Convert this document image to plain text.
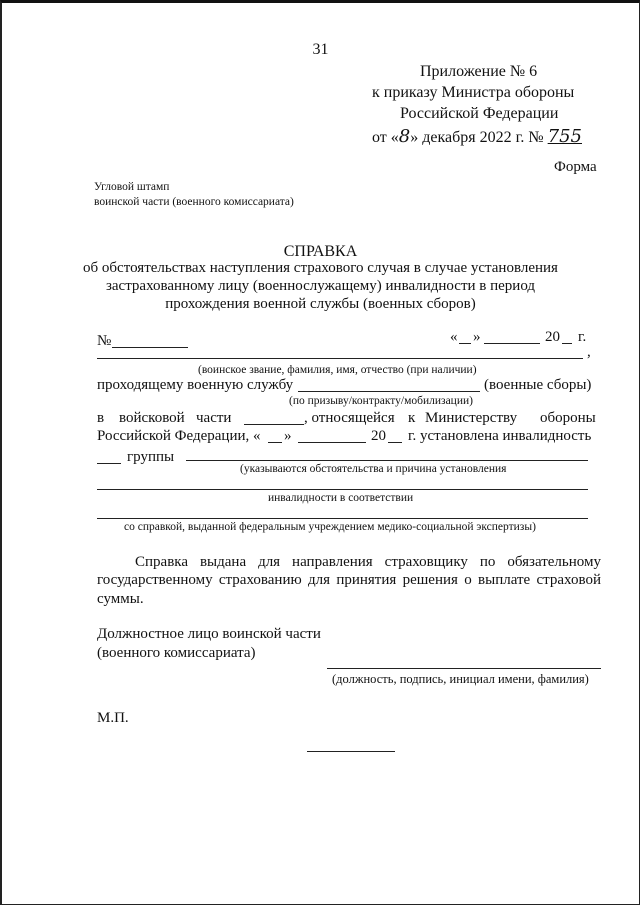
31
Приложение № 6
к приказу Министра обороны
Российской Федерации
от «8» декабря 2022 г. № 755
Форма
Угловой штамп
воинской части (военного комиссариата)
СПРАВКА
об обстоятельствах наступления страхового случая в случае установления
застрахованному лицу (военнослужащему) инвалидности в период
прохождения военной службы (военных сборов)
№	« »	20 г.
,
(воинское звание, фамилия, имя, отчество (при наличии)
проходящему военную службу	(военные сборы)
(по призыву/контракту/мобилизации)
в войсковой части	, относящейся к Министерству обороны
Российской Федерации, « »	20 г. установлена инвалидность
группы
(указываются обстоятельства и причина установления
инвалидности в соответствии
со справкой, выданной федеральным учреждением медико-социальной экспертизы)
Справка выдана для направления страховщику по обязательному
государственному страхованию для принятия решения о выплате страховой
суммы.
Должностное лицо воинской части
(военного комиссариата)
(должность, подпись, инициал имени, фамилия)
М.П.
